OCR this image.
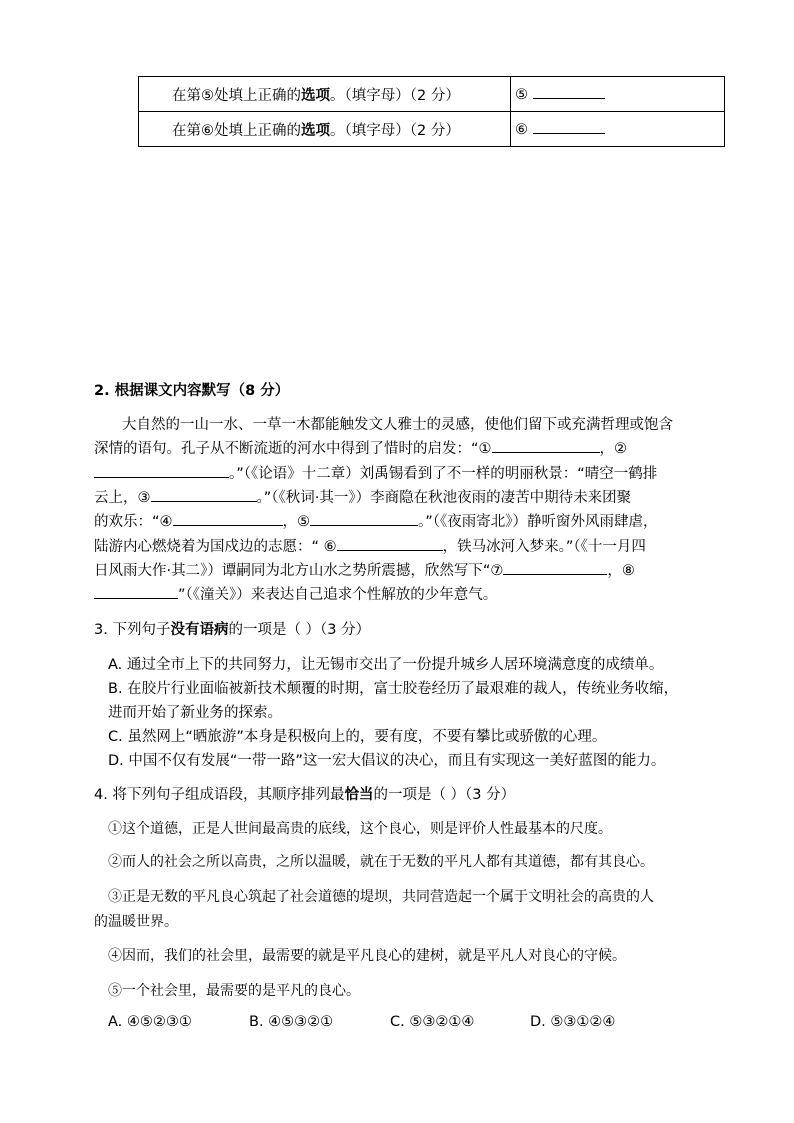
在第⑤处填上正确的选项。（填字母）（2 分）	⑤
在第⑥处填上正确的选项。（填字母）（2 分）	⑥
2. 根据课文内容默写（8 分）
大自然的一山一水、一草一木都能触发文人雅士的灵感，使他们留下或充满哲理或饱含
深情的语句。孔子从不断流逝的河水中得到了惜时的启发：“①	，②
。”（《论语》十二章）刘禹锡看到了不一样的明丽秋景：“晴空一鹤排
云上，③	。”（《秋词·其一》）李商隐在秋池夜雨的凄苦中期待未来团聚
的欢乐：“④	，⑤	。”（《夜雨寄北》）静听窗外风雨肆虐，
陆游内心燃烧着为国戍边的志愿：“ ⑥	，铁马冰河入梦来。”（《十一月四
日风雨大作·其二》）谭嗣同为北方山水之势所震撼，欣然写下“⑦	，⑧
”（《潼关》）来表达自己追求个性解放的少年意气。
3. 下列句子没有语病的一项是（ ）（3 分）
A. 通过全市上下的共同努力，让无锡市交出了一份提升城乡人居环境满意度的成绩单。
B. 在胶片行业面临被新技术颠覆的时期，富士胶卷经历了最艰难的裁人，传统业务收缩，
进而开始了新业务的探索。
C. 虽然网上“晒旅游”本身是积极向上的，要有度，不要有攀比或骄傲的心理。
D. 中国不仅有发展“一带一路”这一宏大倡议的决心，而且有实现这一美好蓝图的能力。
4. 将下列句子组成语段，其顺序排列最恰当的一项是（ ）（3 分）
①这个道德，正是人世间最高贵的底线，这个良心，则是评价人性最基本的尺度。
②而人的社会之所以高贵，之所以温暖，就在于无数的平凡人都有其道德，都有其良心。
③正是无数的平凡良心筑起了社会道德的堤坝，共同营造起一个属于文明社会的高贵的人
的温暖世界。
④因而，我们的社会里，最需要的就是平凡良心的建树，就是平凡人对良心的守候。
⑤一个社会里，最需要的是平凡的良心。
A. ④⑤②③①	B. ④⑤③②①	C. ⑤③②①④	D. ⑤③①②④
